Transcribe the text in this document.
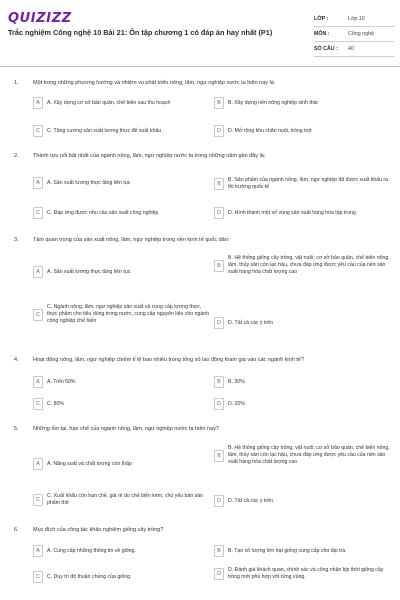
QUIZIZZ
Trắc nghiệm Công nghệ 10 Bài 21: Ôn tập chương 1 có đáp án hay nhất (P1)
LỚP :	Lớp 10
MÔN :	Công nghệ
SỐ CÂU :	40
1.	Một trong những phương hướng và nhiệm vụ phát triển nông, lâm, ngư nghiệp nước ta hiện nay là:
A	A. Xây dựng cơ sở bảo quản, chế biến sau thu hoạch	B	B. Xây dựng nền nông nghiệp sinh thái
C	C. Tăng cường sản xuất lương thực để xuất khẩu	D	D. Mở rộng khu chăn nuôi, trồng trọt
2.	Thành tựu nổi bật nhất của ngành nông, lâm, ngư nghiệp nước ta trong những năm gần đây là:
A	A. Sản xuất lương thực tăng liên tục	B
B. Sản phẩm của ngành nông, lâm, ngư nghiệp đã được xuất khẩu ra thị trường quốc tế
C	C. Đáp ứng được nhu cầu sản xuất công nghiệp	D	D. Hình thành một số vùng sản xuất hàng hóa tập trung
3.	Tầm quan trọng của sản xuất nông, lâm, ngư nghiệp trong nền kinh tế quốc dân:
A	A. Sản xuất lương thực tăng liên tục
B
B. Hệ thống giống cây trồng, vật nuôi; cơ sở bảo quản, chế biến nông, lâm, thủy sản còn lạc hậu, chưa đáp ứng được yêu cầu của nền sản xuất hàng hóa chất lượng cao
C
C. Ngành nông, lâm, ngư nghiệp sản xuất và cung cấp lương thực, thực phẩm cho tiêu dùng trong nước, cung cấp nguyên liệu cho ngành công nghiệp chế biến	D	D. Tất cả các ý trên
4.	Hoạt động nông, lâm, ngư nghiệp chiếm tỉ lệ bao nhiêu trong tổng số lao động tham gia vào các ngành kinh tế?
A	A. Trên 50%	B	B. 30%
C	C. 80%	D	D. 20%
5.	Những tồn tại, hạn chế của ngành nông, lâm, ngư nghiệp nước ta hiện nay?
A	A. Năng suất và chất lượng còn thấp
B
B. Hệ thống giống cây trồng, vật nuôi; cơ sở bảo quản, chế biến nông, lâm, thủy sản còn lạc hậu, chưa đáp ứng được yêu cầu của nền sản xuất hàng hóa chất lượng cao
C
C. Xuất khẩu còn hạn chế, giá rẻ do chế biến kém, chủ yếu bán sản phẩm thô	D	D. Tất cả các ý trên
6.	Mục đích của công tác khảo nghiệm giống cây trồng?
A	A. Cung cấp những thông tin về giống.	B	B. Tạo số lượng lớn hạt giống cung cấp cho đại trà.
C	C. Duy trì độ thuần chủng của giống.	D
D. Đánh giá khách quan, chính xác và công nhận kịp thời giống cây trồng mới phù hợp với từng vùng.
